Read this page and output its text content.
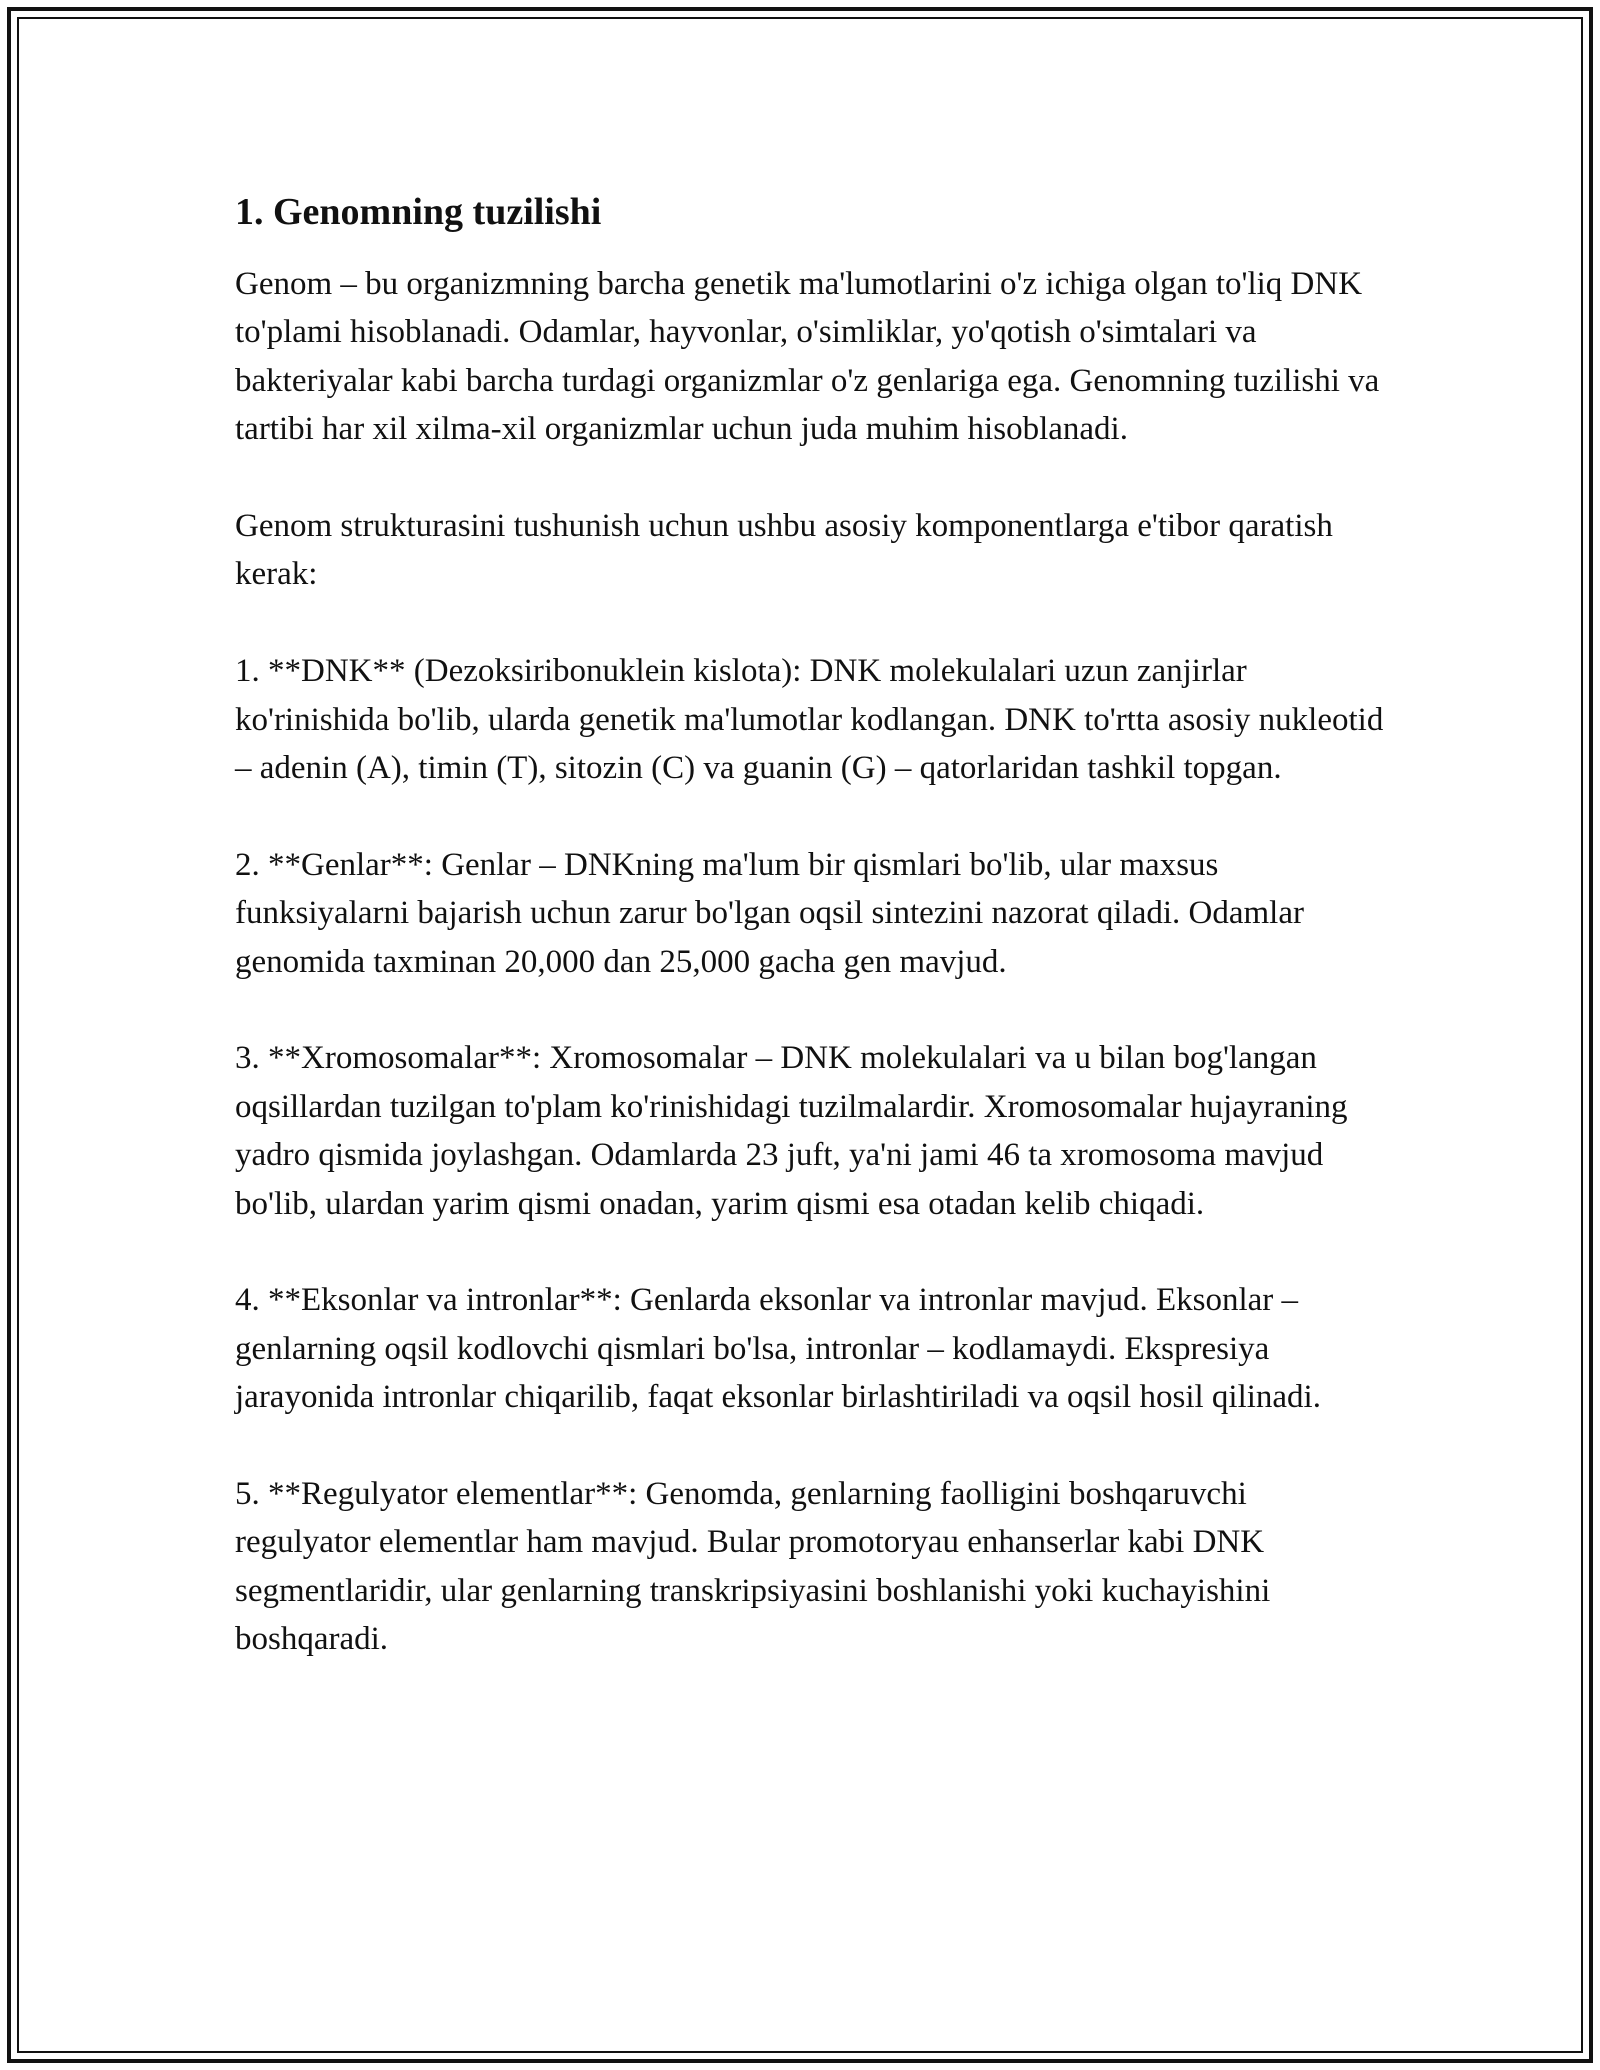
1. Genomning tuzilishi

Genom – bu organizmning barcha genetik ma'lumotlarini o'z ichiga olgan to'liq DNK to'plami hisoblanadi. Odamlar, hayvonlar, o'simliklar, yo'qotish o'simtalari va bakteriyalar kabi barcha turdagi organizmlar o'z genlariga ega. Genomning tuzilishi va tartibi har xil xilma-xil organizmlar uchun juda muhim hisoblanadi.

Genom strukturasini tushunish uchun ushbu asosiy komponentlarga e'tibor qaratish kerak:

1. **DNK** (Dezoksiribonuklein kislota): DNK molekulalari uzun zanjirlar ko'rinishida bo'lib, ularda genetik ma'lumotlar kodlangan. DNK to'rtta asosiy nukleotid – adenin (A), timin (T), sitozin (C) va guanin (G) – qatorlaridan tashkil topgan.

2. **Genlar**: Genlar – DNKning ma'lum bir qismlari bo'lib, ular maxsus funksiyalarni bajarish uchun zarur bo'lgan oqsil sintezini nazorat qiladi. Odamlar genomida taxminan 20,000 dan 25,000 gacha gen mavjud.

3. **Xromosomalar**: Xromosomalar – DNK molekulalari va u bilan bog'langan oqsillardan tuzilgan to'plam ko'rinishidagi tuzilmalardir. Xromosomalar hujayraning yadro qismida joylashgan. Odamlarda 23 juft, ya'ni jami 46 ta xromosoma mavjud bo'lib, ulardan yarim qismi onadan, yarim qismi esa otadan kelib chiqadi.

4. **Eksonlar va intronlar**: Genlarda eksonlar va intronlar mavjud. Eksonlar – genlarning oqsil kodlovchi qismlari bo'lsa, intronlar – kodlamaydi. Ekspresiya jarayonida intronlar chiqarilib, faqat eksonlar birlashtiriladi va oqsil hosil qilinadi.

5. **Regulyator elementlar**: Genomda, genlarning faolligini boshqaruvchi regulyator elementlar ham mavjud. Bular promotoryau enhanserlar kabi DNK segmentlaridir, ular genlarning transkripsiyasini boshlanishi yoki kuchayishini boshqaradi.
